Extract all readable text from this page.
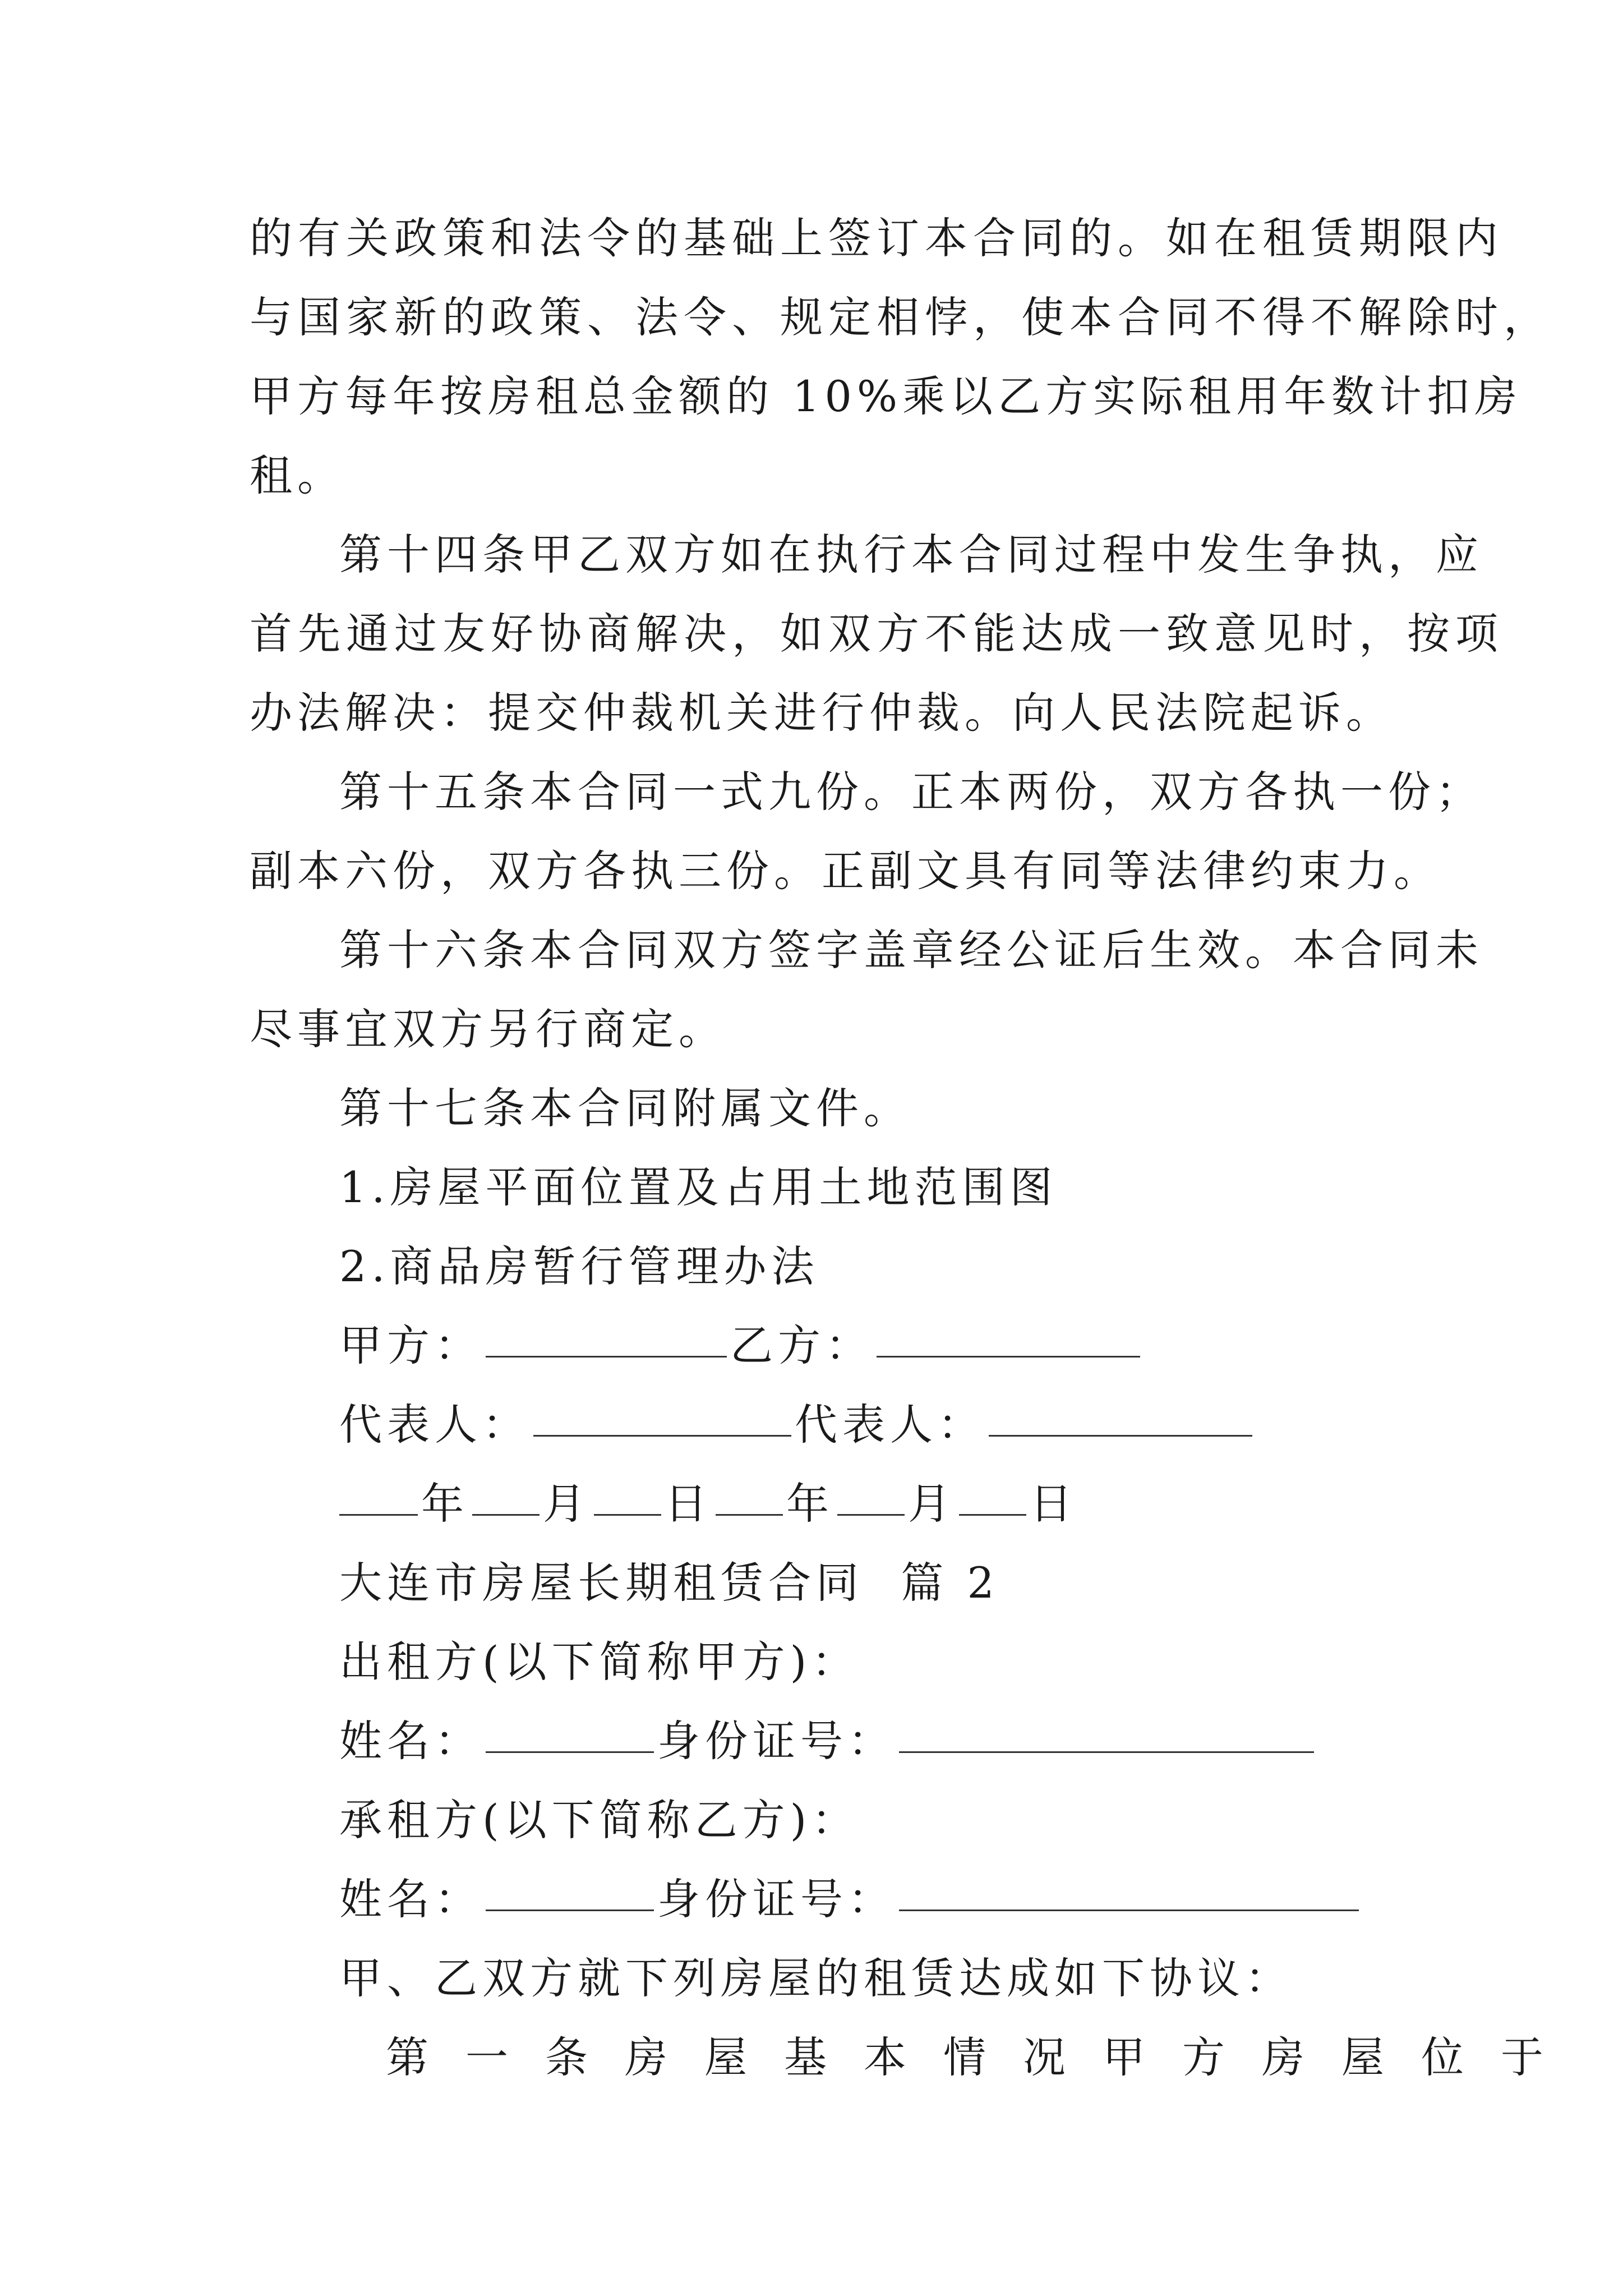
的有关政策和法令的基础上签订本合同的。如在租赁期限内
与国家新的政策、法令、规定相悖，使本合同不得不解除时，
甲方每年按房租总金额的 10%乘以乙方实际租用年数计扣房
租。
第十四条甲乙双方如在执行本合同过程中发生争执，应
首先通过友好协商解决，如双方不能达成一致意见时，按项
办法解决：提交仲裁机关进行仲裁。向人民法院起诉。
第十五条本合同一式九份。正本两份，双方各执一份；
副本六份，双方各执三份。正副文具有同等法律约束力。
第十六条本合同双方签字盖章经公证后生效。本合同未
尽事宜双方另行商定。
第十七条本合同附属文件。
1.房屋平面位置及占用土地范围图
2.商品房暂行管理办法
甲方：	乙方：
代表人：	代表人：
年 月 日 年 月 日
大连市房屋长期租赁合同  篇 2
出租方(以下简称甲方)：
姓名：	身份证号：
承租方(以下简称乙方)：
姓名：	身份证号：
甲、乙双方就下列房屋的租赁达成如下协议：
第一条房屋基本情况甲方房屋位于
